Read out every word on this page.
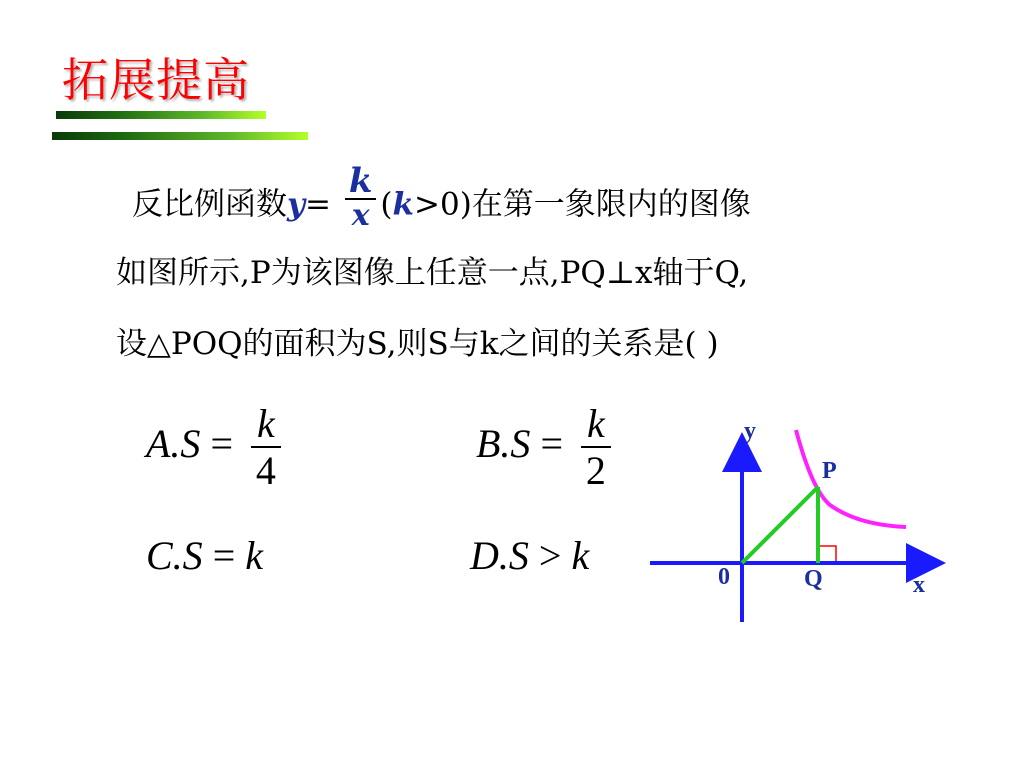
拓展提高
反比例函数$y= \frac{k}{x} (k>0)$在第一象限内的图像
如图所示,P为该图像上任意一点,PQ⊥x轴于Q,
设△POQ的面积为S,则S与k之间的关系是( )
$A.S = \frac{k}{4}$	$B.S = \frac{k}{2}$
C.S = k	D.S > k
y
x
0
P
Q
